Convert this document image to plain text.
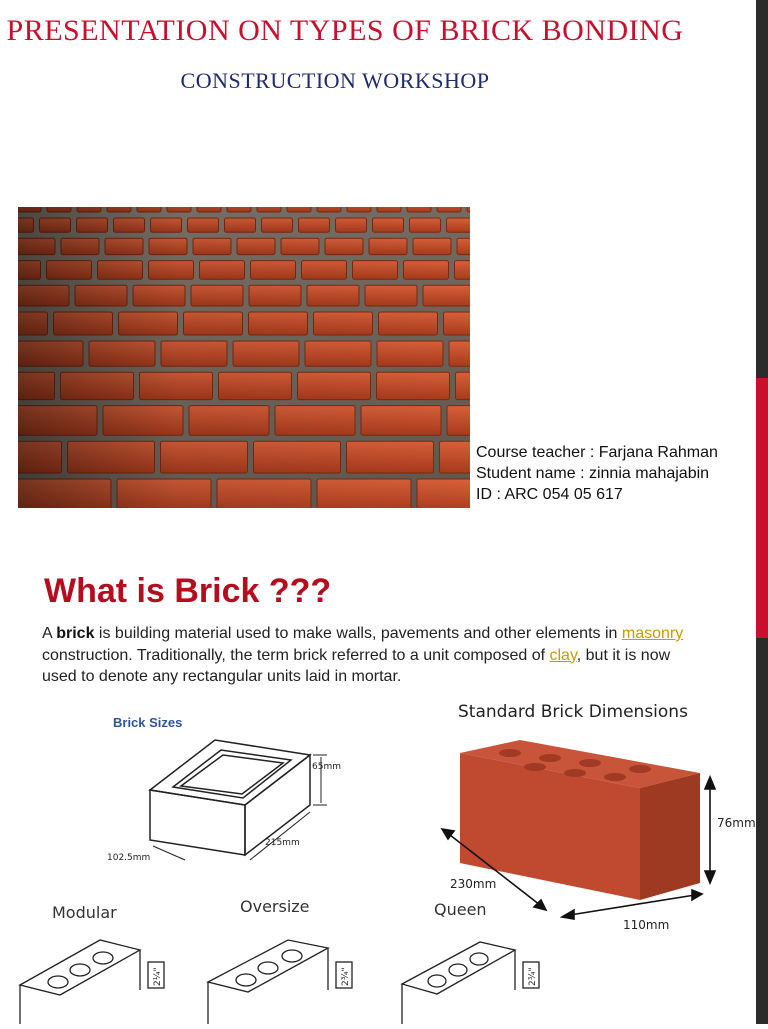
PRESENTATION ON TYPES OF BRICK BONDING
CONSTRUCTION WORKSHOP
Course teacher : Farjana Rahman
Student name : zinnia mahajabin
ID : ARC 054 05 617
What is Brick ???
A brick is building material used to make walls, pavements and other elements in masonry construction. Traditionally, the term brick referred to a unit composed of clay, but it is now used to denote any rectangular units laid in mortar.
Brick Sizes
65mm
215mm
102.5mm
Standard Brick Dimensions
76mm
230mm
110mm
Modular	Oversize	Queen
2¼"	2¾"	2¾"
